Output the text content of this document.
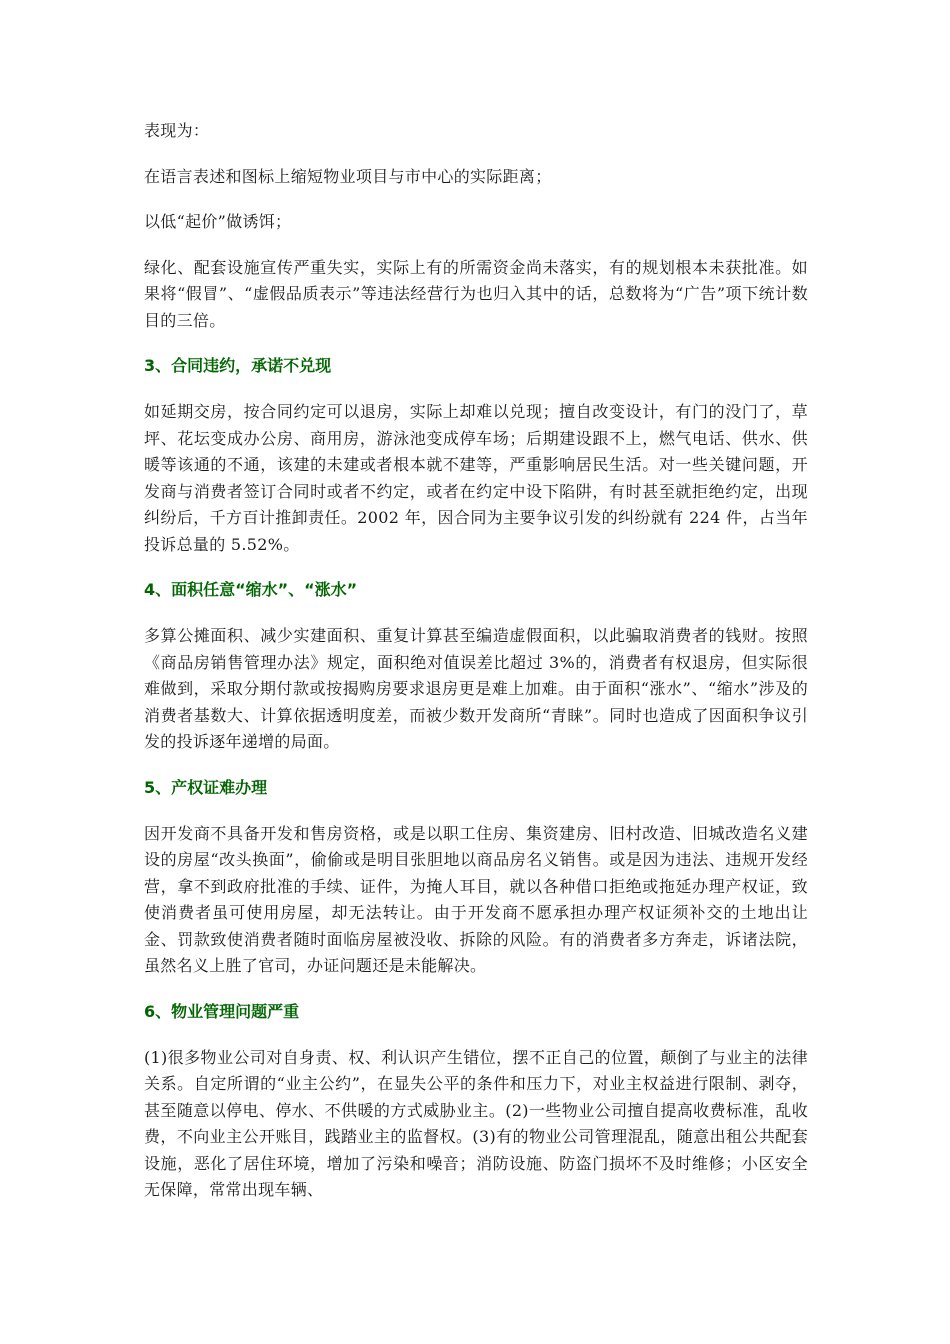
表现为：

在语言表述和图标上缩短物业项目与市中心的实际距离；

以低“起价”做诱饵；

绿化、配套设施宣传严重失实，实际上有的所需资金尚未落实，有的规划根本未获批准。如果将“假冒”、“虚假品质表示”等违法经营行为也归入其中的话，总数将为“广告”项下统计数目的三倍。

3、合同违约，承诺不兑现

如延期交房，按合同约定可以退房，实际上却难以兑现；擅自改变设计，有门的没门了，草坪、花坛变成办公房、商用房，游泳池变成停车场；后期建设跟不上，燃气电话、供水、供暖等该通的不通，该建的未建或者根本就不建等，严重影响居民生活。对一些关键问题，开发商与消费者签订合同时或者不约定，或者在约定中设下陷阱，有时甚至就拒绝约定，出现纠纷后，千方百计推卸责任。2002 年，因合同为主要争议引发的纠纷就有 224 件，占当年投诉总量的 5.52%。

4、面积任意“缩水”、“涨水”

多算公摊面积、减少实建面积、重复计算甚至编造虚假面积，以此骗取消费者的钱财。按照《商品房销售管理办法》规定，面积绝对值误差比超过 3%的，消费者有权退房，但实际很难做到，采取分期付款或按揭购房要求退房更是难上加难。由于面积“涨水”、“缩水”涉及的消费者基数大、计算依据透明度差，而被少数开发商所“青睐”。同时也造成了因面积争议引发的投诉逐年递增的局面。

5、产权证难办理

因开发商不具备开发和售房资格，或是以职工住房、集资建房、旧村改造、旧城改造名义建设的房屋“改头换面”，偷偷或是明目张胆地以商品房名义销售。或是因为违法、违规开发经营，拿不到政府批准的手续、证件，为掩人耳目，就以各种借口拒绝或拖延办理产权证，致使消费者虽可使用房屋，却无法转让。由于开发商不愿承担办理产权证须补交的土地出让金、罚款致使消费者随时面临房屋被没收、拆除的风险。有的消费者多方奔走，诉诸法院，虽然名义上胜了官司，办证问题还是未能解决。

6、物业管理问题严重

(1)很多物业公司对自身责、权、利认识产生错位，摆不正自己的位置，颠倒了与业主的法律关系。自定所谓的“业主公约”，在显失公平的条件和压力下，对业主权益进行限制、剥夺，甚至随意以停电、停水、不供暖的方式威胁业主。(2)一些物业公司擅自提高收费标准，乱收费，不向业主公开账目，践踏业主的监督权。(3)有的物业公司管理混乱，随意出租公共配套设施，恶化了居住环境，增加了污染和噪音；消防设施、防盗门损坏不及时维修；小区安全无保障，常常出现车辆、
